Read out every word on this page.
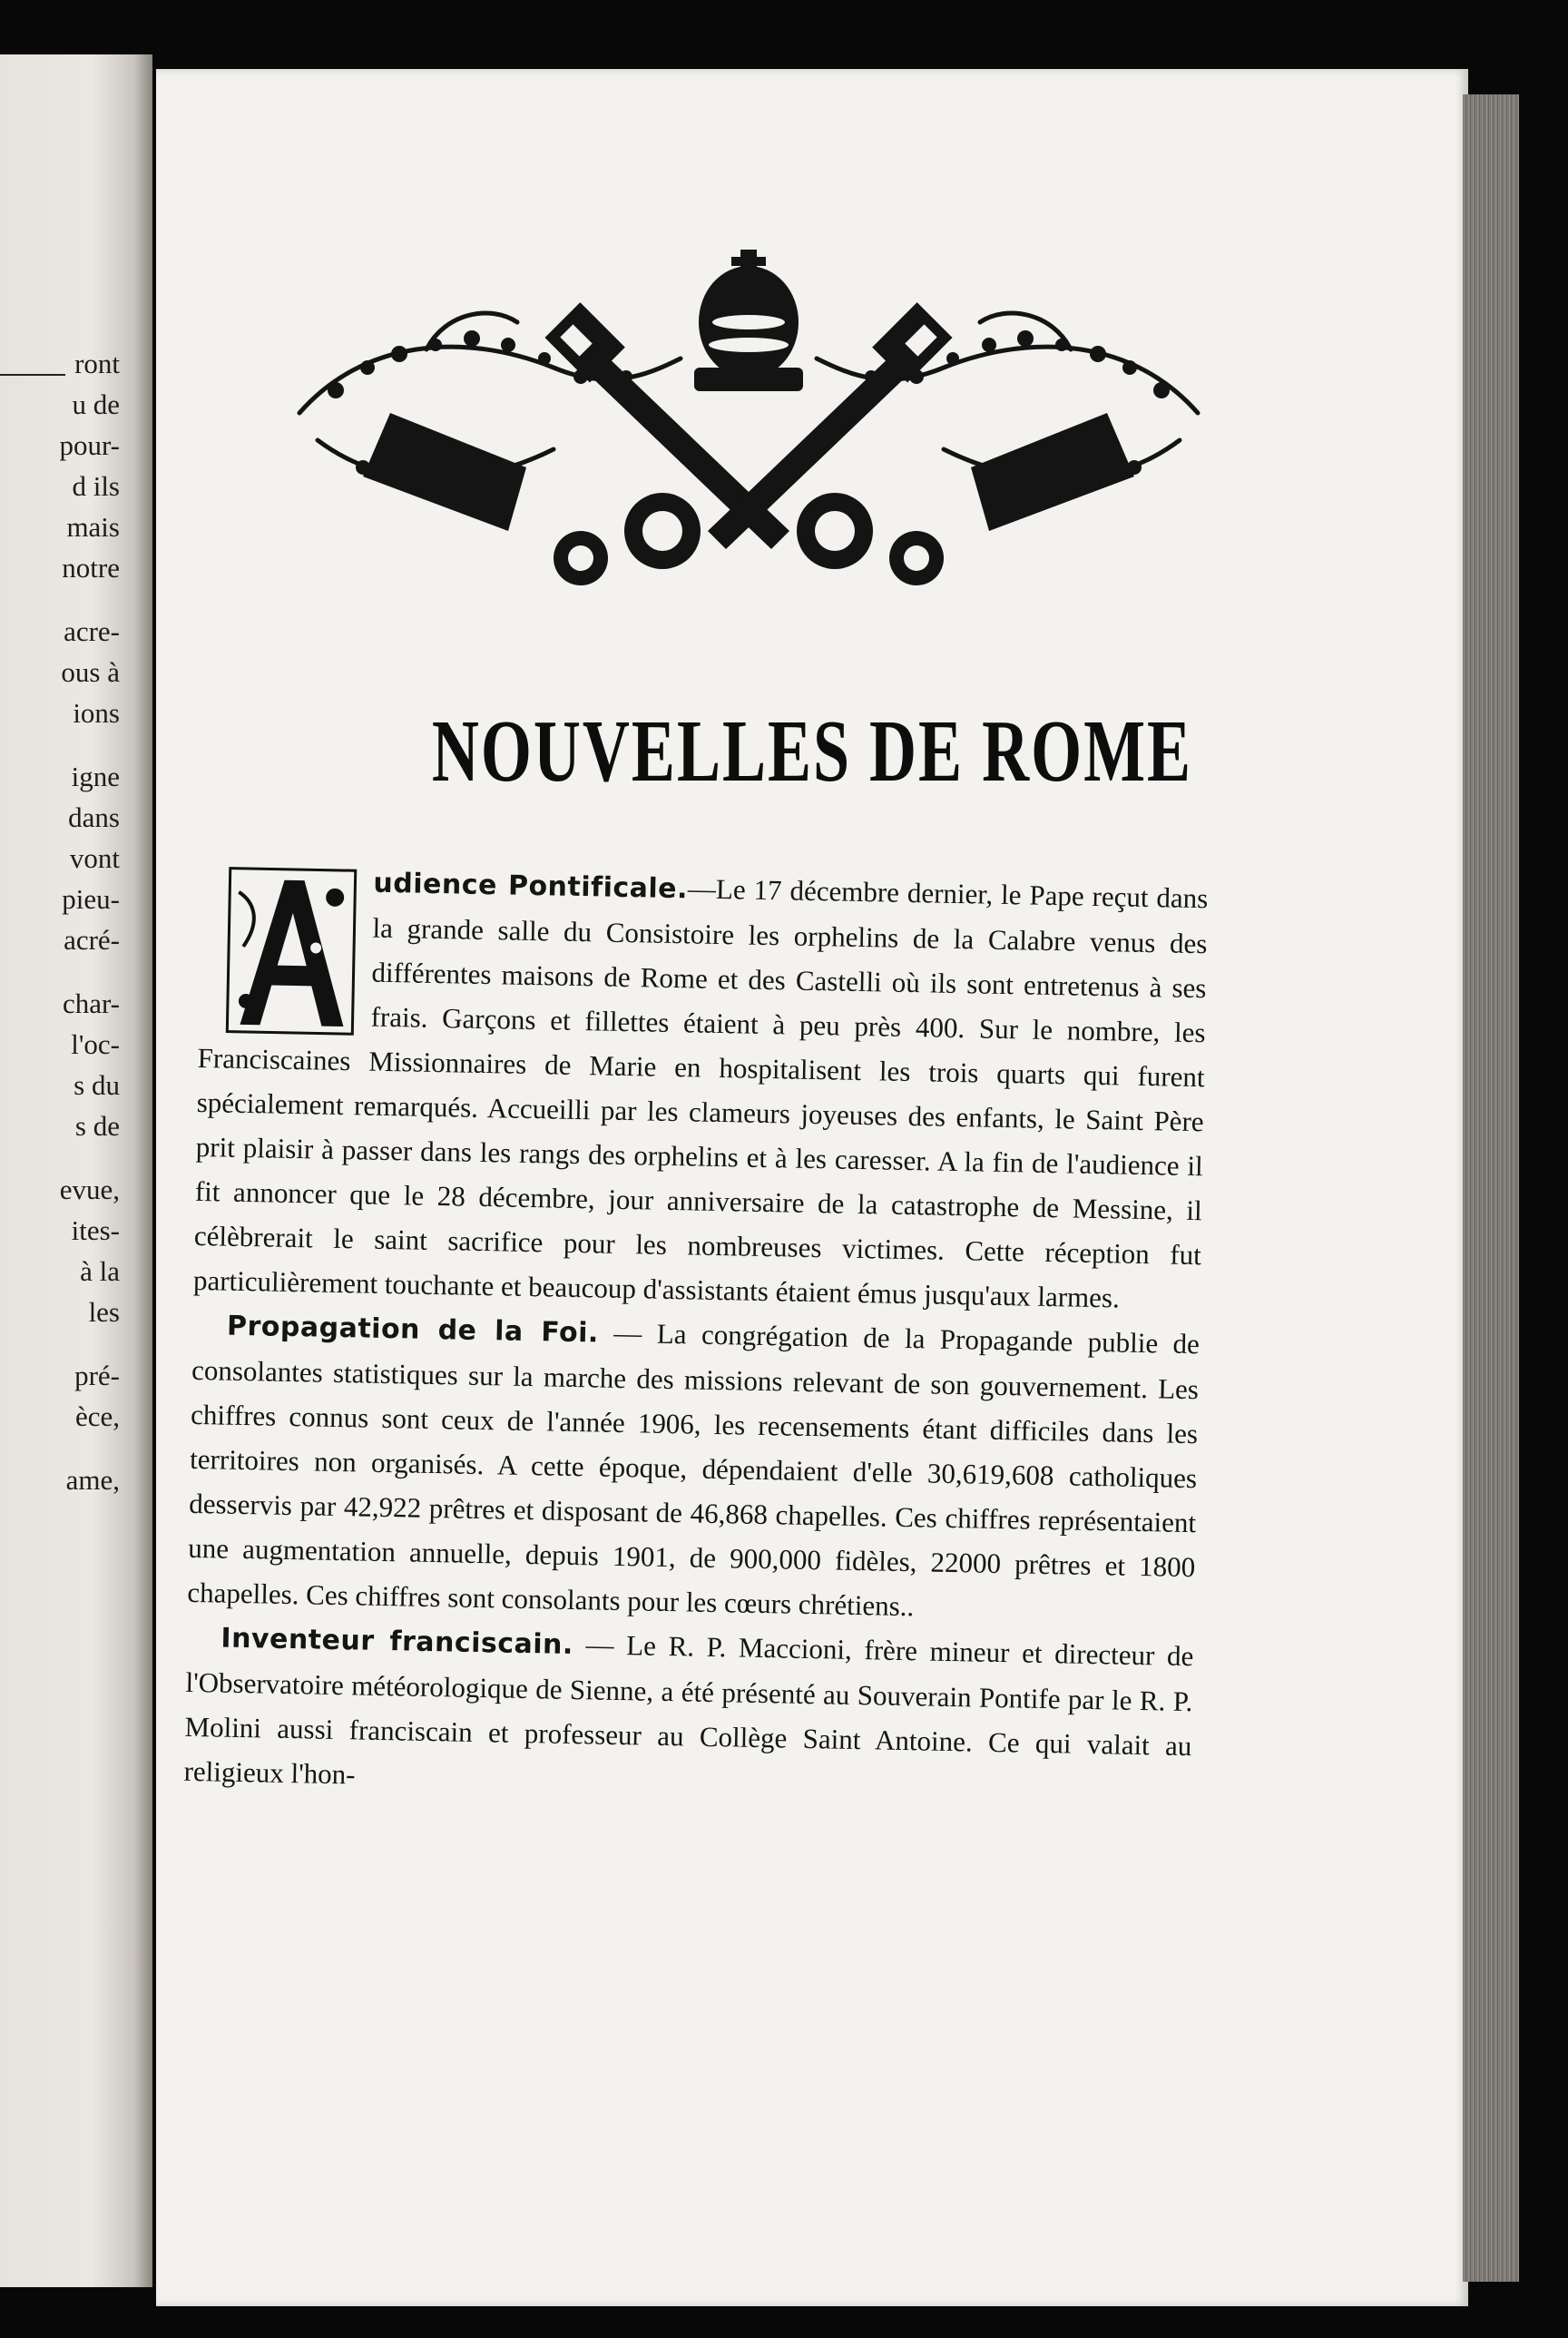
ront
u de
pour-
d ils
mais
notre
acre-
ous à
ions
igne
dans
vont
pieu-
acré-
char-
l'oc-
s du
s de
evue,
ites-
à la
les
pré-
èce,
ame,
NOUVELLES DE ROME

udience Pontificale.—Le 17 décembre dernier, le Pape reçut dans la grande salle du Consistoire les orphelins de la Calabre venus des différentes maisons de Rome et des Castelli où ils sont entretenus à ses frais. Garçons et fillettes étaient à peu près 400. Sur le nombre, les Franciscaines Missionnaires de Marie en hospitalisent les trois quarts qui furent spécialement remarqués. Accueilli par les clameurs joyeuses des enfants, le Saint Père prit plaisir à passer dans les rangs des orphelins et à les caresser. A la fin de l'audience il fit annoncer que le 28 décembre, jour anniversaire de la catastrophe de Messine, il célèbrerait le saint sacrifice pour les nombreuses victimes. Cette réception fut particulièrement touchante et beaucoup d'assistants étaient émus jusqu'aux larmes.

Propagation de la Foi. — La congrégation de la Propagande publie de consolantes statistiques sur la marche des missions relevant de son gouvernement. Les chiffres connus sont ceux de l'année 1906, les recensements étant difficiles dans les territoires non organisés. A cette époque, dépendaient d'elle 30,619,608 catholiques desservis par 42,922 prêtres et disposant de 46,868 chapelles. Ces chiffres représentaient une augmentation annuelle, depuis 1901, de 900,000 fidèles, 22000 prêtres et 1800 chapelles. Ces chiffres sont consolants pour les cœurs chrétiens..

Inventeur franciscain. — Le R. P. Maccioni, frère mineur et directeur de l'Observatoire météorologique de Sienne, a été présenté au Souverain Pontife par le R. P. Molini aussi franciscain et professeur au Collège Saint Antoine. Ce qui valait au religieux l'hon-
